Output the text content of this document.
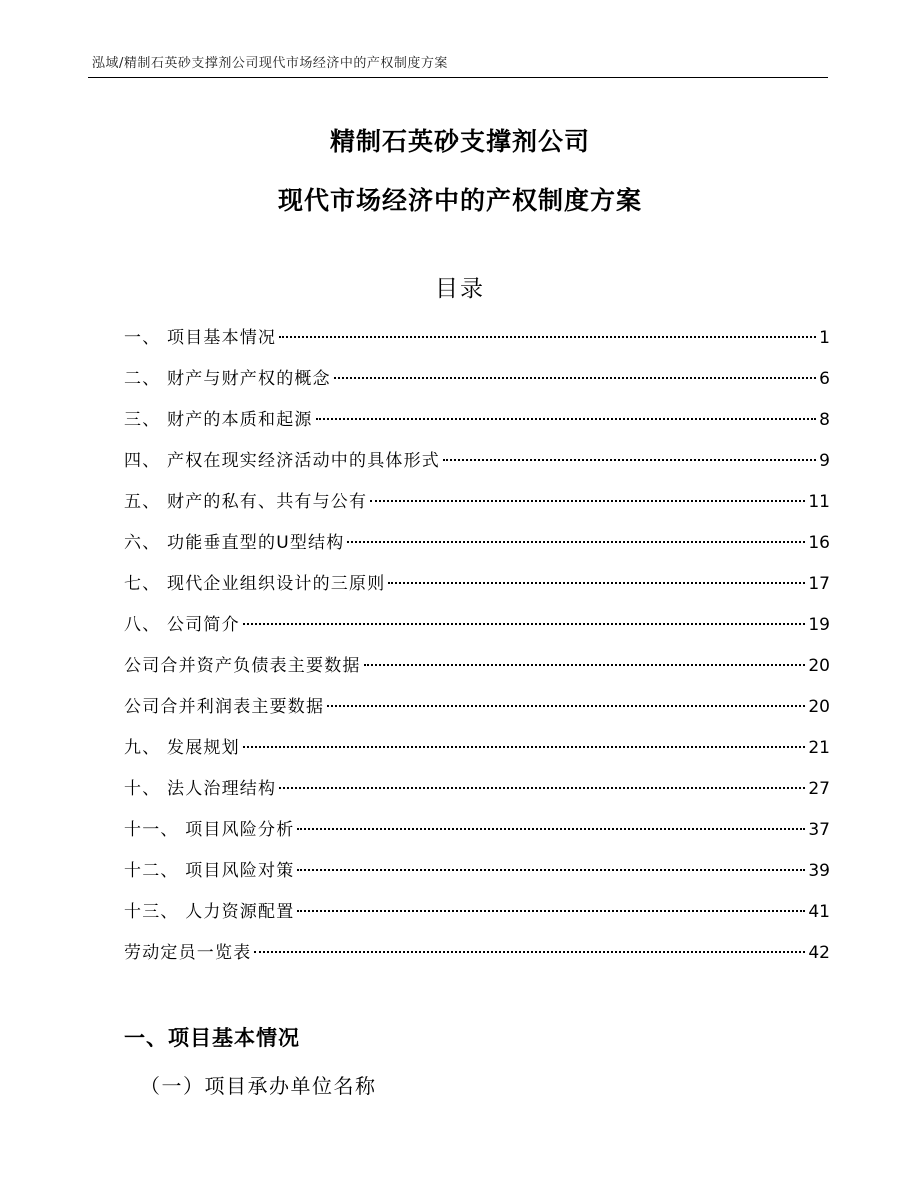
泓域/精制石英砂支撑剂公司现代市场经济中的产权制度方案
精制石英砂支撑剂公司
现代市场经济中的产权制度方案
目录
一、 项目基本情况	1
二、 财产与财产权的概念	6
三、 财产的本质和起源	8
四、 产权在现实经济活动中的具体形式	9
五、 财产的私有、共有与公有	11
六、 功能垂直型的U型结构	16
七、 现代企业组织设计的三原则	17
八、 公司简介	19
公司合并资产负债表主要数据	20
公司合并利润表主要数据	20
九、 发展规划	21
十、 法人治理结构	27
十一、 项目风险分析	37
十二、 项目风险对策	39
十三、 人力资源配置	41
劳动定员一览表	42
一、项目基本情况
（一）项目承办单位名称
